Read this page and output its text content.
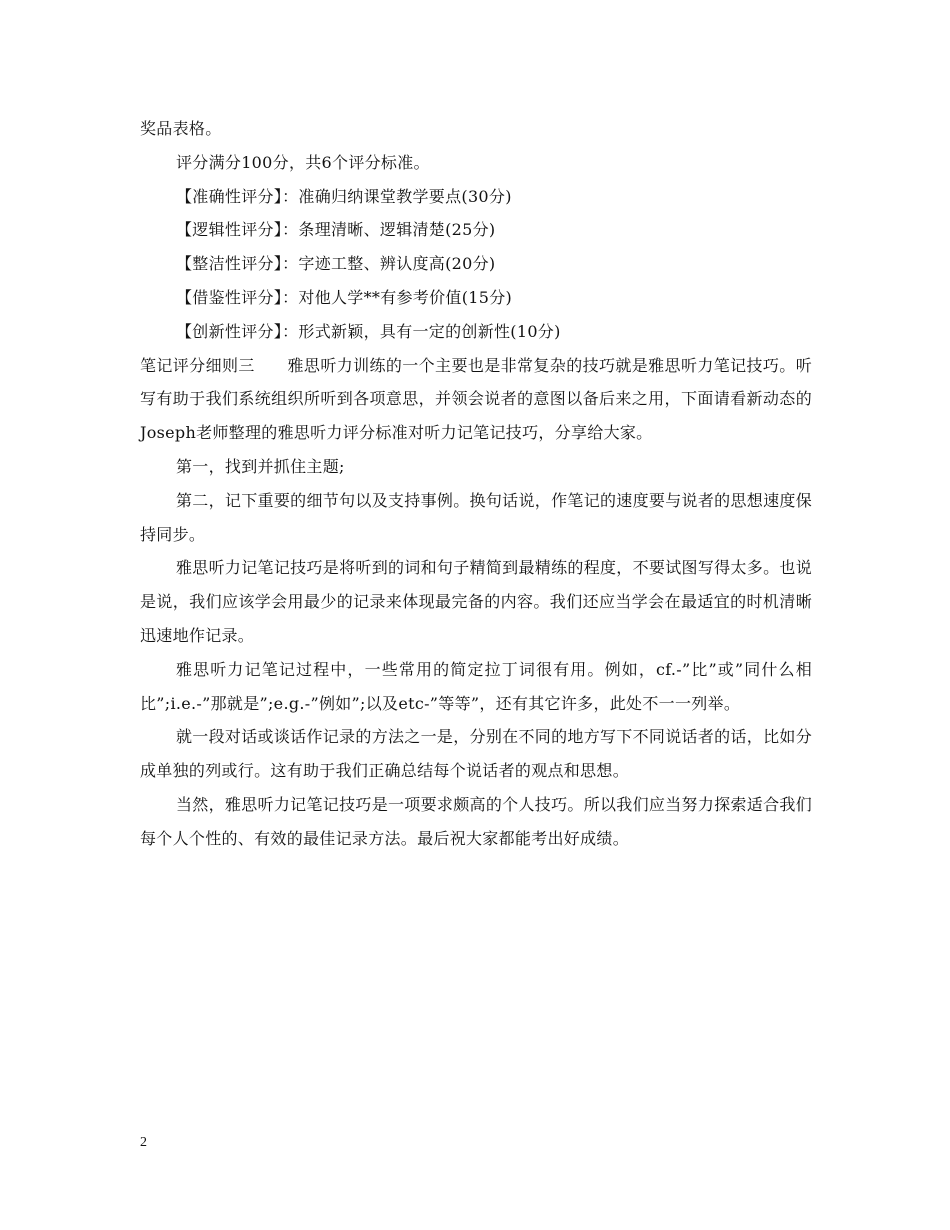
奖品表格。

评分满分100分，共6个评分标准。

【准确性评分】：准确归纳课堂教学要点(30分)

【逻辑性评分】：条理清晰、逻辑清楚(25分)

【整洁性评分】：字迹工整、辨认度高(20分)

【借鉴性评分】：对他人学**有参考价值(15分)

【创新性评分】：形式新颖，具有一定的创新性(10分)

笔记评分细则三　　雅思听力训练的一个主要也是非常复杂的技巧就是雅思听力笔记技巧。听写有助于我们系统组织所听到各项意思，并领会说者的意图以备后来之用，下面请看新动态的Joseph老师整理的雅思听力评分标准对听力记笔记技巧，分享给大家。

第一，找到并抓住主题;

第二，记下重要的细节句以及支持事例。换句话说，作笔记的速度要与说者的思想速度保持同步。

雅思听力记笔记技巧是将听到的词和句子精简到最精练的程度，不要试图写得太多。也说是说，我们应该学会用最少的记录来体现最完备的内容。我们还应当学会在最适宜的时机清晰迅速地作记录。

雅思听力记笔记过程中，一些常用的简定拉丁词很有用。例如，cf.-”比”或”同什么相比”;i.e.-”那就是”;e.g.-”例如”;以及etc-”等等”，还有其它许多，此处不一一列举。

就一段对话或谈话作记录的方法之一是，分别在不同的地方写下不同说话者的话，比如分成单独的列或行。这有助于我们正确总结每个说话者的观点和思想。

当然，雅思听力记笔记技巧是一项要求颇高的个人技巧。所以我们应当努力探索适合我们每个人个性的、有效的最佳记录方法。最后祝大家都能考出好成绩。

2
